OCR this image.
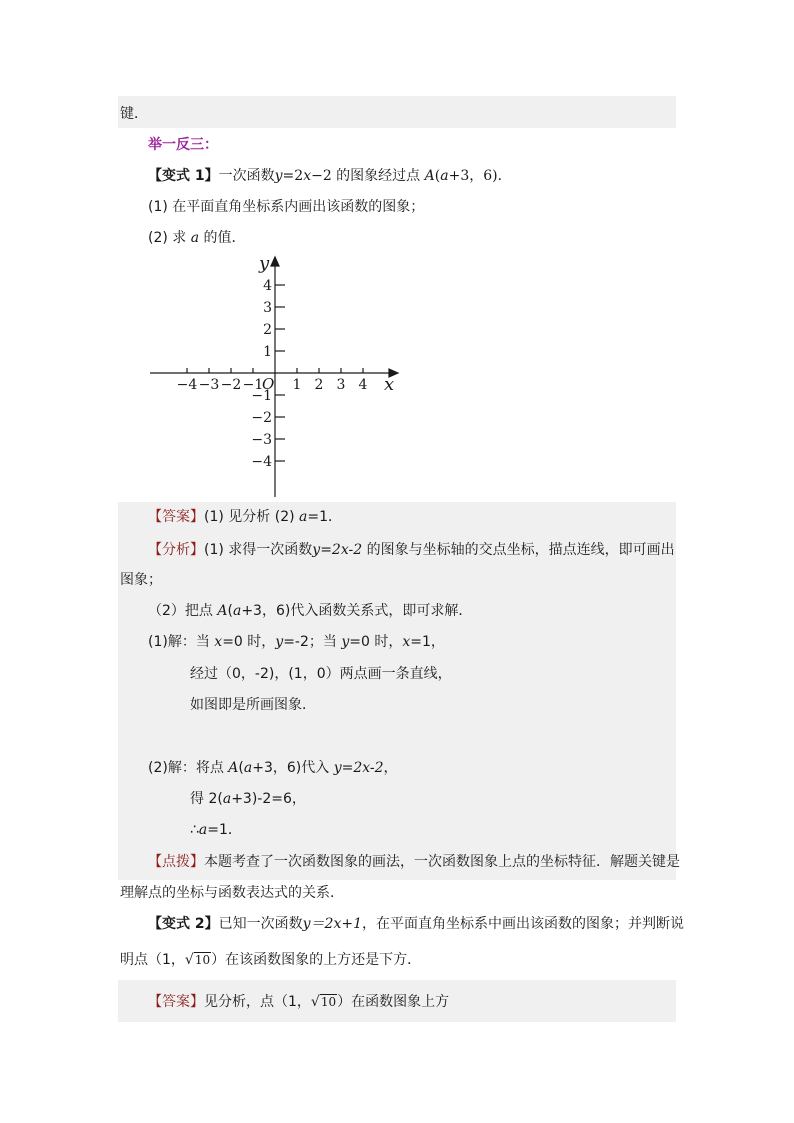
键．
举一反三：
【变式 1】一次函数y=2x−2 的图象经过点 A(a+3，6)．
(1) 在平面直角坐标系内画出该函数的图象；
(2) 求 a 的值．
−4 −3 −2 −1 1 2 3 4
4
3
2
1
−1
−2
−3
−4
y
x
O
【答案】(1) 见分析 (2) a=1．
【分析】(1) 求得一次函数y=2x-2 的图象与坐标轴的交点坐标，描点连线，即可画出
图象；
（2）把点 A(a+3，6)代入函数关系式，即可求解．
(1)解：当 x=0 时，y=-2；当 y=0 时，x=1，
经过（0，-2)，(1，0）两点画一条直线，
如图即是所画图象．
(2)解：将点 A(a+3，6)代入 y=2x-2，
得 2(a+3)-2=6，
∴a=1．
【点拨】本题考查了一次函数图象的画法，一次函数图象上点的坐标特征．解题关键是
理解点的坐标与函数表达式的关系．
【变式 2】已知一次函数y＝2x+1，在平面直角坐标系中画出该函数的图象；并判断说
明点（1，√10）在该函数图象的上方还是下方．
【答案】见分析，点（1，√10）在函数图象上方
